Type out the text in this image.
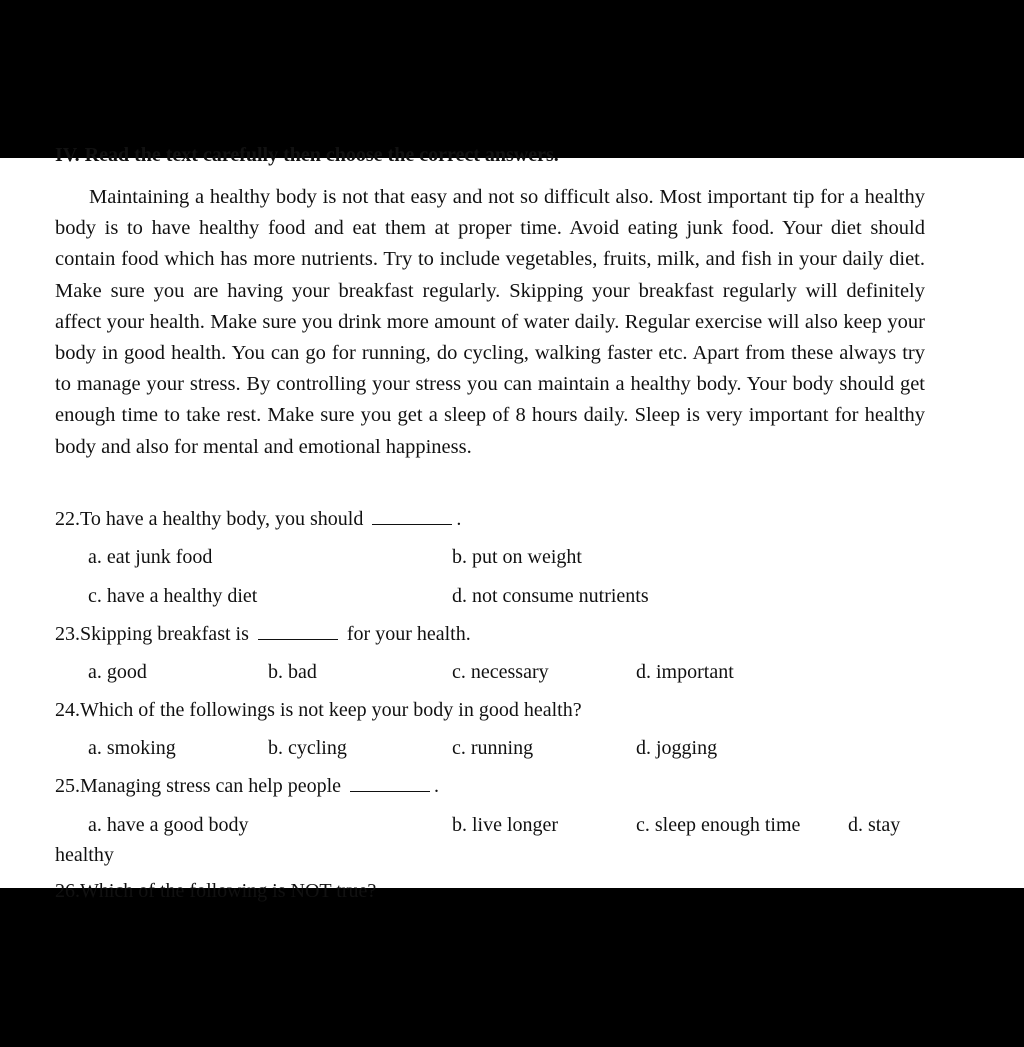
IV. Read the text carefully then choose the correct answers.

Maintaining a healthy body is not that easy and not so difficult also. Most important tip for a healthy body is to have healthy food and eat them at proper time. Avoid eating junk food. Your diet should contain food which has more nutrients. Try to include vegetables, fruits, milk, and fish in your daily diet. Make sure you are having your breakfast regularly. Skipping your breakfast regularly will definitely affect your health. Make sure you drink more amount of water daily. Regular exercise will also keep your body in good health. You can go for running, do cycling, walking faster etc. Apart from these always try to manage your stress. By controlling your stress you can maintain a healthy body. Your body should get enough time to take rest. Make sure you get a sleep of 8 hours daily. Sleep is very important for healthy body and also for mental and emotional happiness.

22.To have a healthy body, you should	.
a. eat junk food	b. put on weight
c. have a healthy diet	d. not consume nutrients
23.Skipping breakfast is	for your health.
a. good	b. bad	c. necessary	d. important
24.Which of the followings is not keep your body in good health?
a. smoking	b. cycling	c. running	d. jogging
25.Managing stress can help people	.
a. have a good body	b. live longer	c. sleep enough time d. stay
healthy
26.Which of the following is NOT true?
